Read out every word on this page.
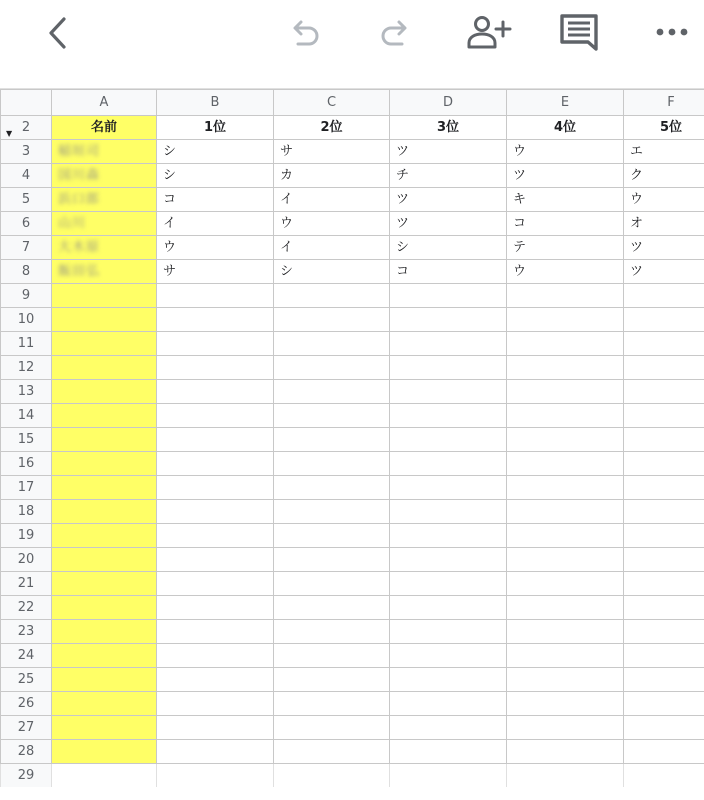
	A	B	C	D	E	F

▼ 2	名前	1位	2位	3位	4位	5位
3	稲垣司	シ	サ	ツ	ウ	エ
4	国川森	シ	カ	チ	ツ	ク
5	浜口郎	コ	イ	ツ	キ	ウ
6	山川	イ	ウ	ツ	コ	オ
7	大木原	ウ	イ	シ	テ	ツ
8	飯田弘	サ	シ	コ	ウ	ツ
9						
10						
11						
12						
13						
14						
15						
16						
17						
18						
19						
20						
21						
22						
23						
24						
25						
26						
27						
28						
29						
